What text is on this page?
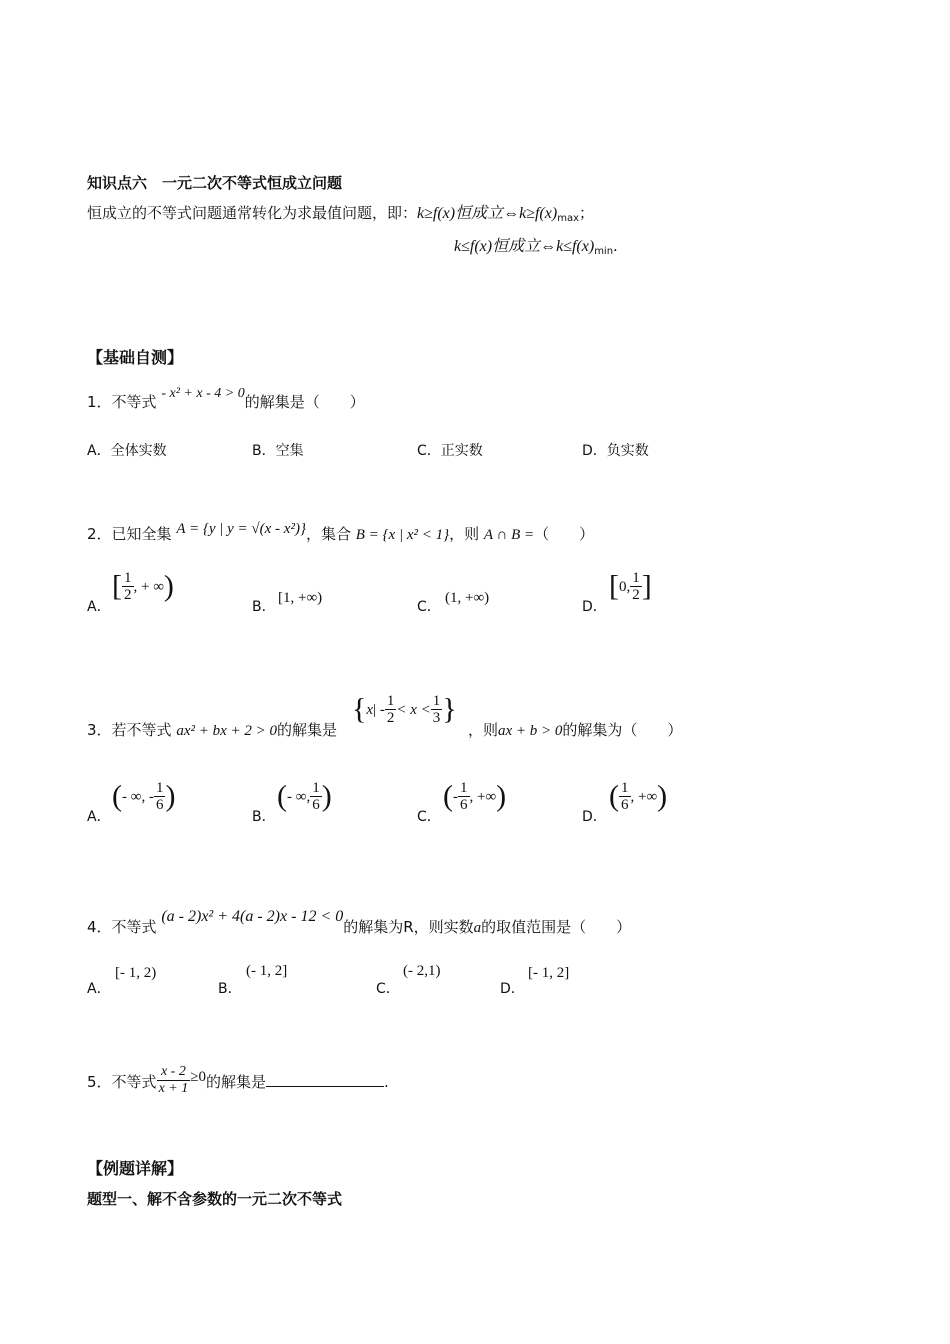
知识点六　一元二次不等式恒成立问题
恒成立的不等式问题通常转化为求最值问题，即：k≥f(x)恒成立$\Leftrightarrow k\ge f(x)_{max}$；
k≤f(x)恒成立$\Leftrightarrow k\le f(x)_{min}$.
【基础自测】
1．不等式 - x² + x - 4 > 0的解集是（　　）
A．全体实数	B．空集	C．正实数	D．负实数
2．已知全集 A = {y | y = √(x - x²)}，集合 B = {x | x² < 1}，则 A ∩ B =（　　）
A．
[ $\frac{1}{2}$ , + ∞)
B．
[1, +∞)
C．
(1, +∞)
D．
[0, $\frac{1}{2}$ ]
3．若不等式 ax² + bx + 2 > 0的解集是
{$x| - \frac{1}{2} < x < \frac{1}{3}$ }
，则ax + b > 0的解集为（　　）
A．
(- ∞, - $\frac{1}{6}$ )
B．
(- ∞, $\frac{1}{6}$ )
C．
(- $\frac{1}{6}$ , +∞)
D．
( $\frac{1}{6}$ , +∞)
4．不等式 (a - 2)x² + 4(a - 2)x - 12 < 0的解集为R，则实数a的取值范围是（　　）
A．
[- 1, 2)
B．
(- 1, 2]
C．
(- 2,1)
D．
[- 1, 2]
5．不等式 $\frac{x - 2}{x + 1} \ge 0$的解集是	.
【例题详解】
题型一、解不含参数的一元二次不等式
